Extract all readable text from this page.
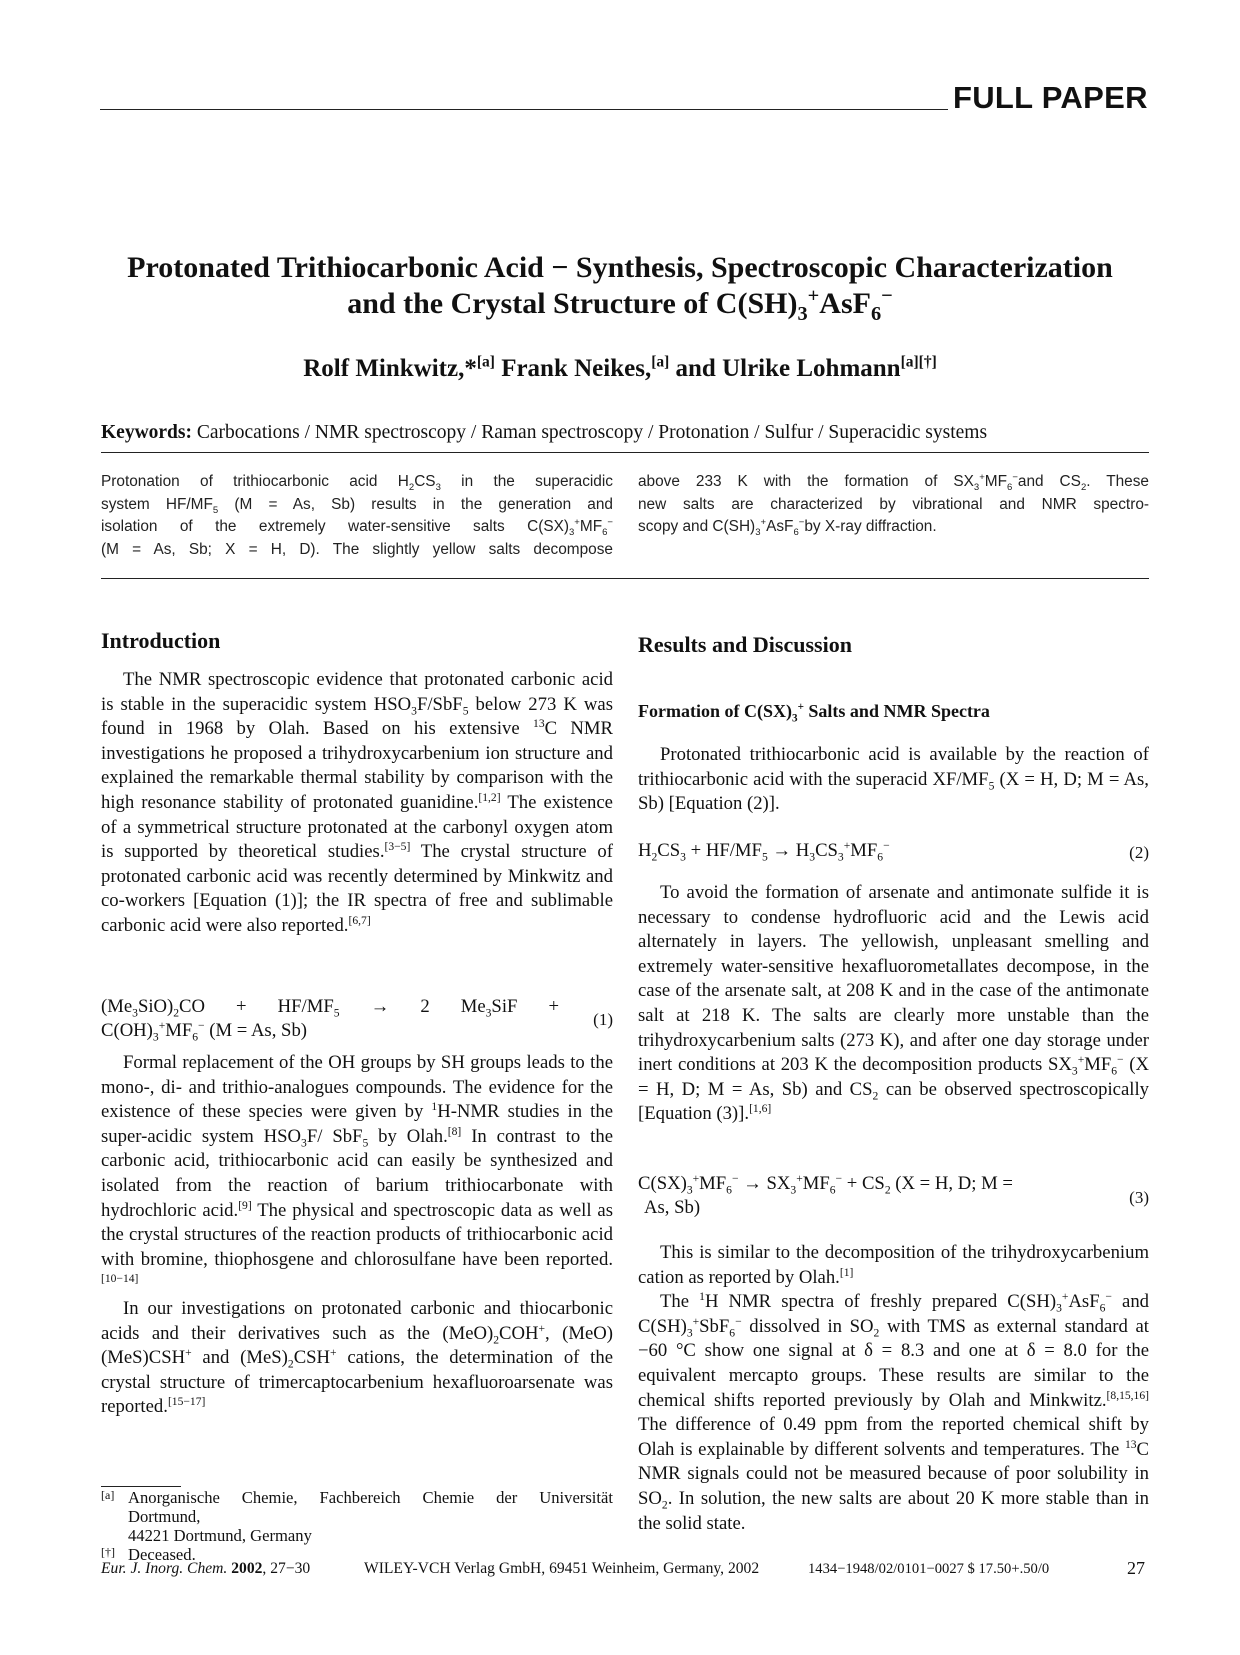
FULL PAPER
Protonated Trithiocarbonic Acid − Synthesis, Spectroscopic Characterization
and the Crystal Structure of $C(SH)_3^+AsF_6^-$
Rolf Minkwitz,*[a] Frank Neikes,[a] and Ulrike Lohmann[a][†]
Keywords: Carbocations / NMR spectroscopy / Raman spectroscopy / Protonation / Sulfur / Superacidic systems
Protonation of trithiocarbonic acid $H_2CS_3$ in the superacidic
system $HF/MF_5$ (M = As, Sb) results in the generation and
isolation of the extremely water-sensitive salts $C(SX)_3^+MF_6^-$
(M = As, Sb; X = H, D). The slightly yellow salts decompose
above 233 K with the formation of $SX_3^+MF_6^-and$ $CS_2$. These
new salts are characterized by vibrational and NMR spectro-
scopy and $C(SH)_3^+AsF_6^-by$ X-ray diffraction.
Introduction

The NMR spectroscopic evidence that protonated carbonic acid is stable in the superacidic system $HSO_3F/SbF_5$ below 273 K was found in 1968 by Olah. Based on his extensive $^{13}$C NMR investigations he proposed a trihydroxycarbenium ion structure and explained the remarkable thermal stability by comparison with the high resonance stability of protonated guanidine.[1,2] The existence of a symmetrical structure protonated at the carbonyl oxygen atom is supported by theoretical studies.[3−5] The crystal structure of protonated carbonic acid was recently determined by Minkwitz and co-workers [Equation (1)]; the IR spectra of free and sublimable carbonic acid were also reported.[6,7]

$(Me_3SiO)_2CO$    +    $HF/MF_5$    →    2    $Me_3SiF$    +
$C(OH)_3^+MF_6^-$ (M = As, Sb)
(1)

Formal replacement of the OH groups by SH groups leads to the mono-, di- and trithio-analogues compounds. The evidence for the existence of these species were given by $^1$H-NMR studies in the super-acidic system $HSO_3F/$ SbF$_5$ by Olah.[8] In contrast to the carbonic acid, trithiocarbonic acid can easily be synthesized and isolated from the reaction of barium trithiocarbonate with hydrochloric acid.[9] The physical and spectroscopic data as well as the crystal structures of the reaction products of trithiocarbonic acid with bromine, thiophosgene and chlorosulfane have been reported.[10−14]

In our investigations on protonated carbonic and thiocarbonic acids and their derivatives such as the $(MeO)_2COH^+$, (MeO)(MeS)CSH+ and $(MeS)_2CSH^+$ cations, the determination of the crystal structure of trimercaptocarbenium hexafluoroarsenate was reported.[15−17]

[a] Anorganische Chemie, Fachbereich Chemie der Universität
Dortmund,
44221 Dortmund, Germany
[†] Deceased.
Results and Discussion
Formation of $C(SX)_3^+$ Salts and NMR Spectra

Protonated trithiocarbonic acid is available by the reaction of trithiocarbonic acid with the superacid $XF/MF_5$ (X = H, D; M = As, Sb) [Equation (2)].

$H_2CS_3 + HF/MF_5 \to H_3CS_3^+MF_6^-$	(2)

To avoid the formation of arsenate and antimonate sulfide it is necessary to condense hydrofluoric acid and the Lewis acid alternately in layers. The yellowish, unpleasant smelling and extremely water-sensitive hexafluorometallates decompose, in the case of the arsenate salt, at 208 K and in the case of the antimonate salt at 218 K. The salts are clearly more unstable than the trihydroxycarbenium salts (273 K), and after one day storage under inert conditions at 203 K the decomposition products $SX_3^+MF_6^-$ (X = H, D; M = As, Sb) and $CS_2$ can be observed spectroscopically [Equation (3)].[1,6]

$C(SX)_3^+MF_6^- \to SX_3^+MF_6^- + CS_2$ (X = H, D; M =
As, Sb)	(3)

This is similar to the decomposition of the trihydroxycarbenium cation as reported by Olah.[1]

The $^1$H NMR spectra of freshly prepared $C(SH)_3^+AsF_6^-$ and $C(SH)_3^+SbF_6^-$ dissolved in $SO_2$ with TMS as external standard at −60 °C show one signal at δ = 8.3 and one at δ = 8.0 for the equivalent mercapto groups. These results are similar to the chemical shifts reported previously by Olah and Minkwitz.[8,15,16] The difference of 0.49 ppm from the reported chemical shift by Olah is explainable by different solvents and temperatures. The $^{13}$C NMR signals could not be measured because of poor solubility in $SO_2$. In solution, the new salts are about 20 K more stable than in the solid state.

Eur. J. Inorg. Chem. 2002, 27−30	WILEY-VCH Verlag GmbH, 69451 Weinheim, Germany, 2002	1434−1948/02/0101−0027 $ 17.50+.50/0	27
